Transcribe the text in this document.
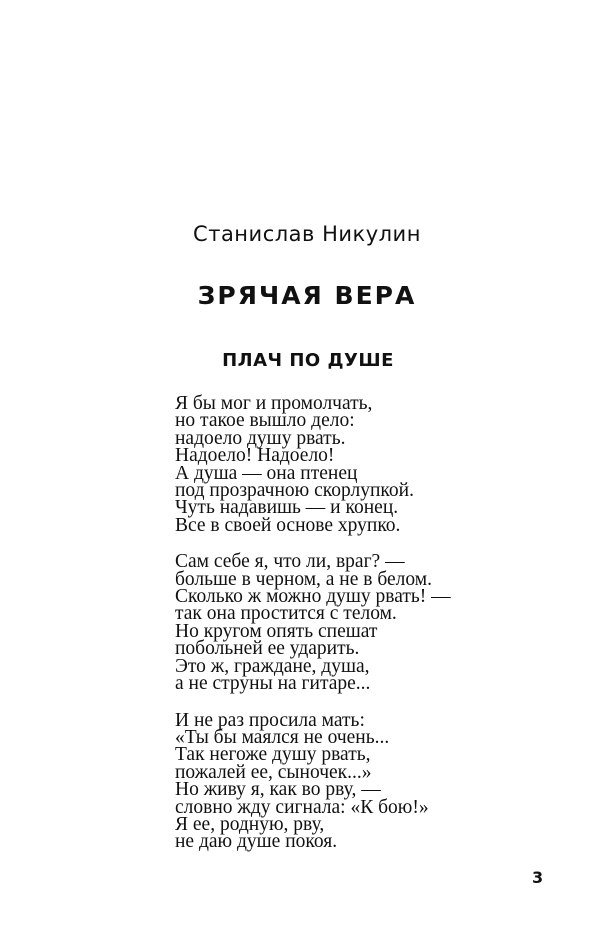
Станислав Никулин
ЗРЯЧАЯ ВЕРА
ПЛАЧ ПО ДУШЕ
Я бы мог и промолчать,
но такое вышло дело:
надоело душу рвать.
Надоело! Надоело!
А душа — она птенец
под прозрачною скорлупкой.
Чуть надавишь — и конец.
Все в своей основе хрупко.
Сам себе я, что ли, враг? —
больше в черном, а не в белом.
Сколько ж можно душу рвать! —
так она простится с телом.
Но кругом опять спешат
побольней ее ударить.
Это ж, граждане, душа,
а не струны на гитаре...
И не раз просила мать:
«Ты бы маялся не очень...
Так негоже душу рвать,
пожалей ее, сыночек...»
Но живу я, как во рву, —
словно жду сигнала: «К бою!»
Я ее, родную, рву,
не даю душе покоя.
3
